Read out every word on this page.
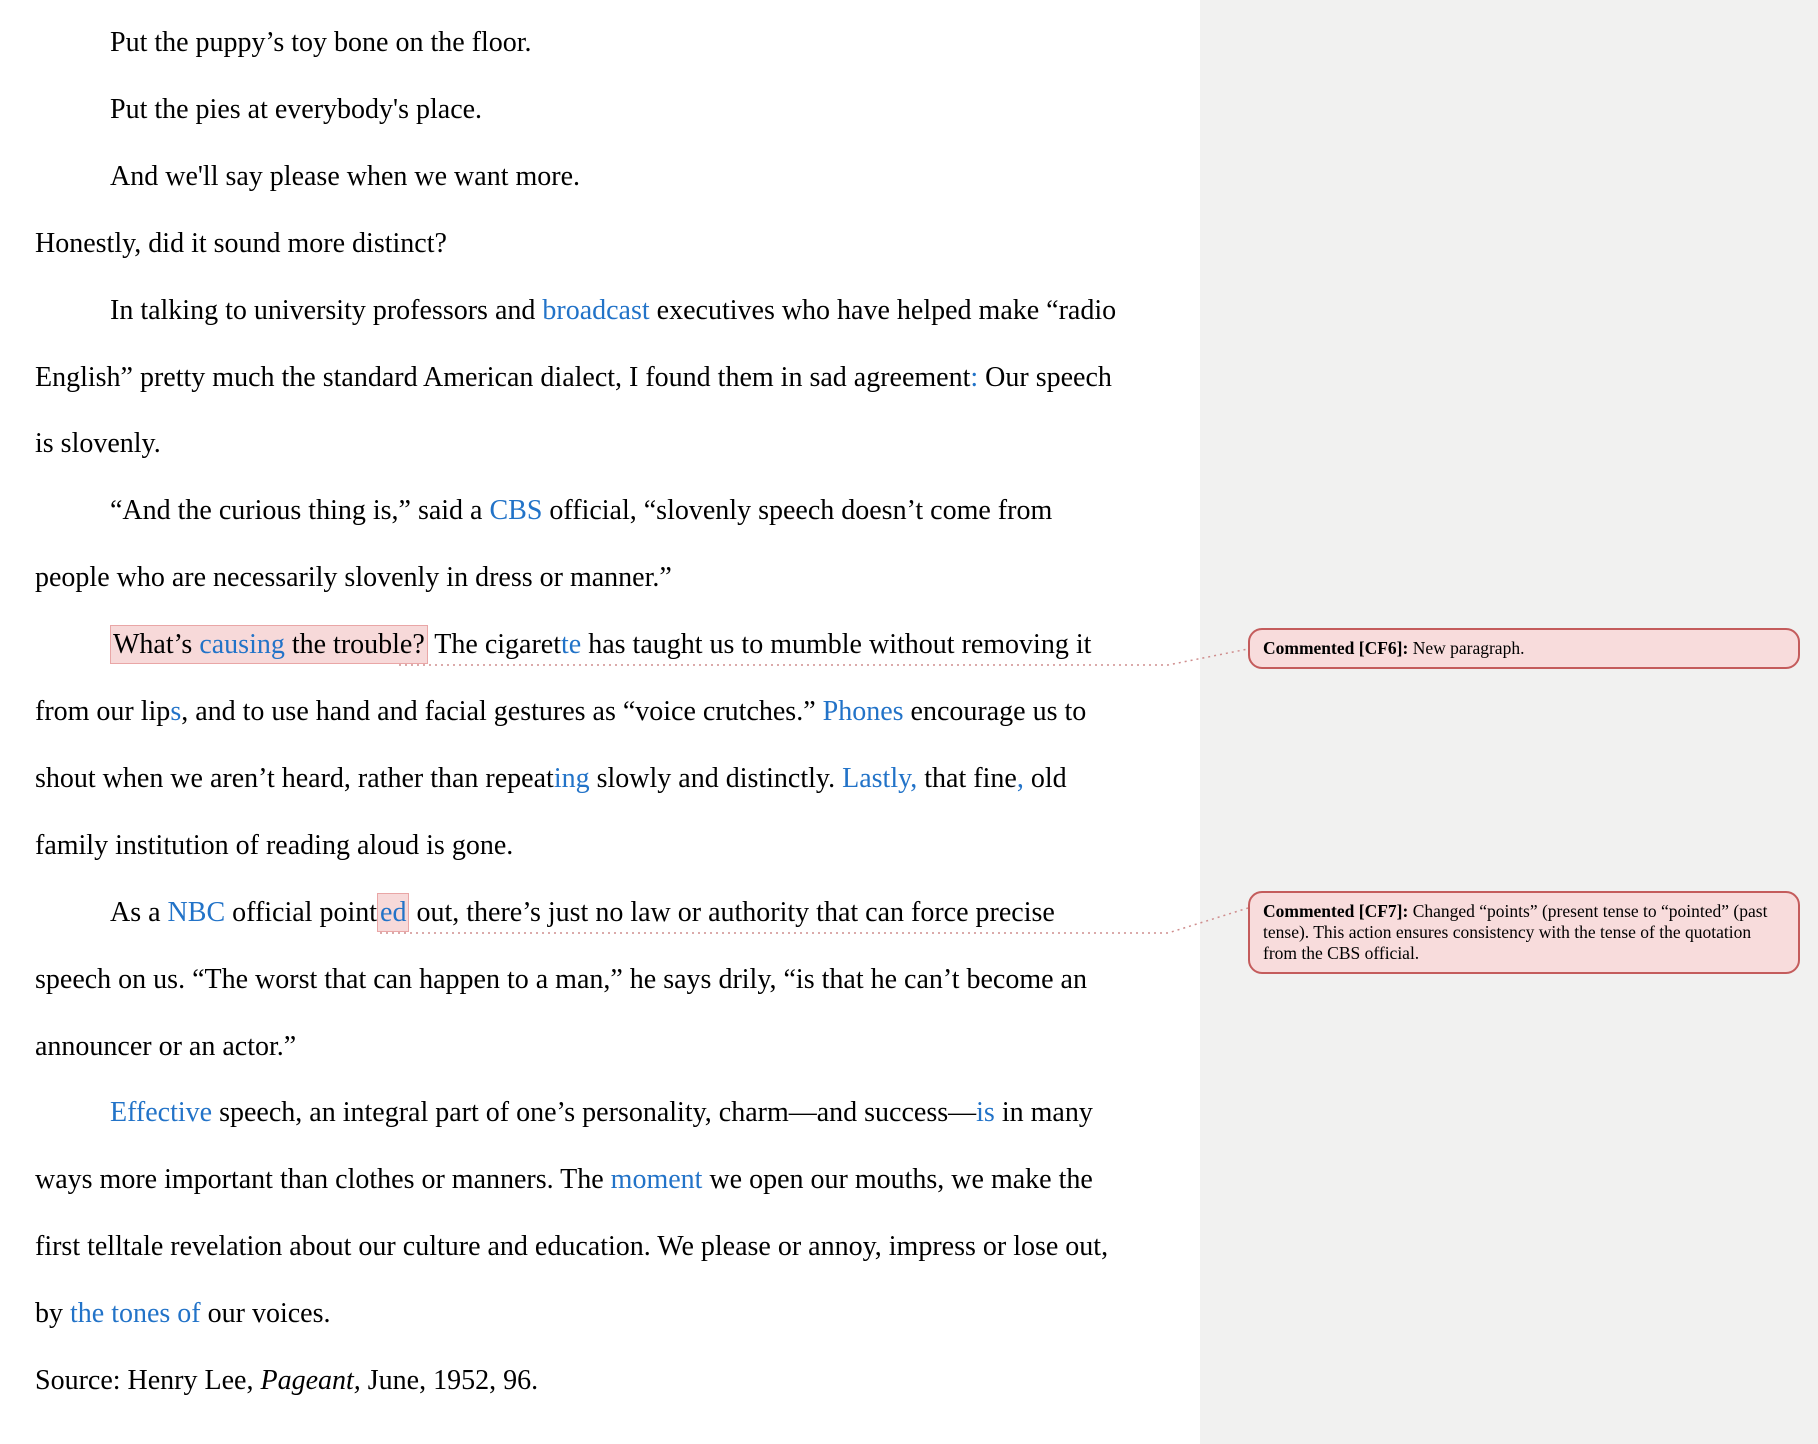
Put the puppy’s toy bone on the floor.
Put the pies at everybody's place.
And we'll say please when we want more.
Honestly, did it sound more distinct?
In talking to university professors and broadcast executives who have helped make “radio
English” pretty much the standard American dialect, I found them in sad agreement: Our speech
is slovenly.
“And the curious thing is,” said a CBS official, “slovenly speech doesn’t come from
people who are necessarily slovenly in dress or manner.”
What’s causing the trouble? The cigarette has taught us to mumble without removing it
from our lips, and to use hand and facial gestures as “voice crutches.” Phones encourage us to
shout when we aren’t heard, rather than repeating slowly and distinctly. Lastly, that fine, old
family institution of reading aloud is gone.
As a NBC official point ed out, there’s just no law or authority that can force precise
speech on us. “The worst that can happen to a man,” he says drily, “is that he can’t become an
announcer or an actor.”
Effective speech, an integral part of one’s personality, charm—and success—is in many
ways more important than clothes or manners. The moment we open our mouths, we make the
first telltale revelation about our culture and education. We please or annoy, impress or lose out,
by the tones of our voices.
Source: Henry Lee, Pageant, June, 1952, 96.
Commented [CF6]: New paragraph.
Commented [CF7]: Changed “points” (present tense to “pointed” (past tense). This action ensures consistency with the tense of the quotation from the CBS official.
